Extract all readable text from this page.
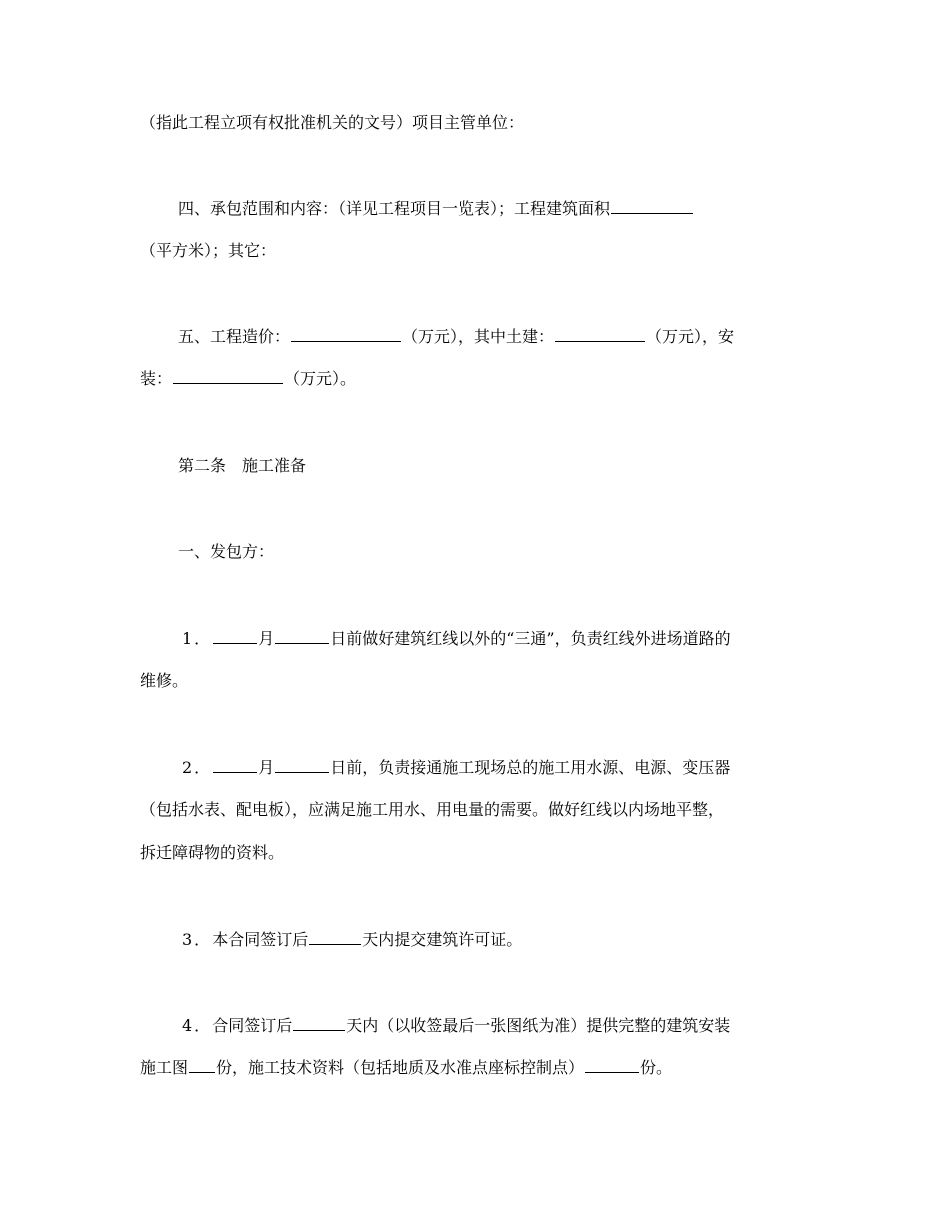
（指此工程立项有权批准机关的文号）项目主管单位：
四、承包范围和内容：（详见工程项目一览表）；工程建筑面积
（平方米）；其它：
五、工程造价：	（万元），其中土建：	（万元），安
装：	（万元）。
第二条　施工准备
一、发包方：
1．	月	日前做好建筑红线以外的“三通”，负责红线外进场道路的
维修。
2．	月	日前，负责接通施工现场总的施工用水源、电源、变压器
（包括水表、配电板），应满足施工用水、用电量的需要。做好红线以内场地平整，
拆迁障碍物的资料。
3．本合同签订后	天内提交建筑许可证。
4．合同签订后	天内（以收签最后一张图纸为准）提供完整的建筑安装
施工图 份，施工技术资料（包括地质及水准点座标控制点）	份。
